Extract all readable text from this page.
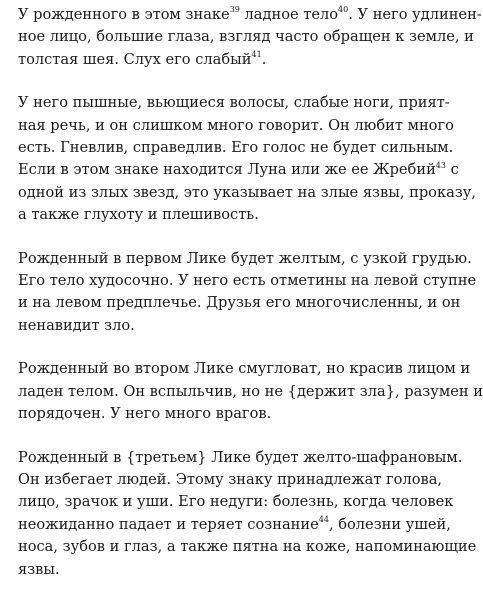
У рожденного в этом знаке$^{39}$ ладное тело$^{40}$. У него удлинен-
ное лицо, большие глаза, взгляд часто обращен к земле, и
толстая шея. Слух его слабый$^{41}$.
У него пышные, вьющиеся волосы, слабые ноги, прият-
ная речь, и он слишком много говорит. Он любит много
есть. Гневлив, справедлив. Его голос не будет сильным.
Если в этом знаке находится Луна или же ее Жребий$^{43}$ с
одной из злых звезд, это указывает на злые язвы, проказу,
а также глухоту и плешивость.
Рожденный в первом Лике будет желтым, с узкой грудью.
Его тело худосочно. У него есть отметины на левой ступне
и на левом предплечье. Друзья его многочисленны, и он
ненавидит зло.
Рожденный во втором Лике смугловат, но красив лицом и
ладен телом. Он вспыльчив, но не {держит зла}, разумен и
порядочен. У него много врагов.
Рожденный в {третьем} Лике будет желто-шафрановым.
Он избегает людей. Этому знаку принадлежат голова,
лицо, зрачок и уши. Его недуги: болезнь, когда человек
неожиданно падает и теряет сознание$^{44}$, болезни ушей,
носа, зубов и глаз, а также пятна на коже, напоминающие
язвы.
